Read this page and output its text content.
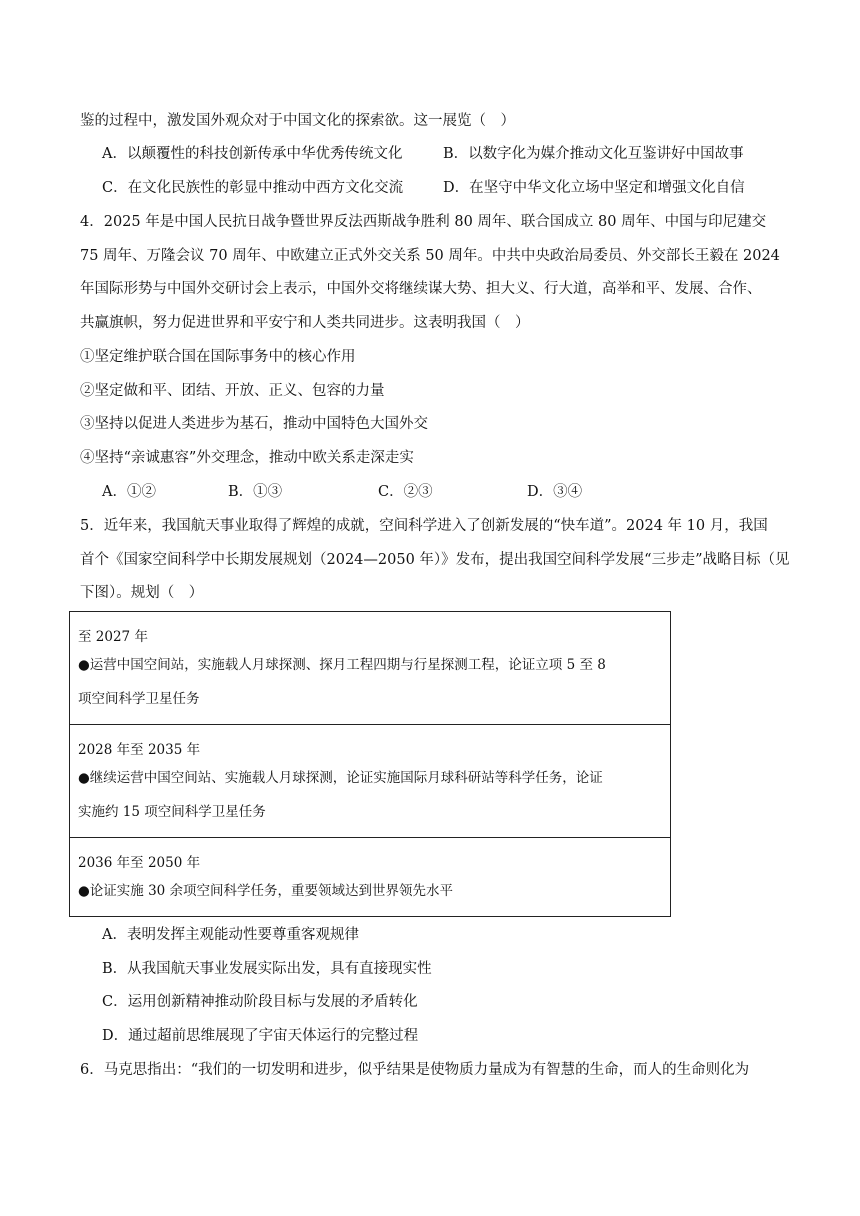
鉴的过程中，激发国外观众对于中国文化的探索欲。这一展览（　）
A．以颠覆性的科技创新传承中华优秀传统文化	B．以数字化为媒介推动文化互鉴讲好中国故事
C．在文化民族性的彰显中推动中西方文化交流	D．在坚守中华文化立场中坚定和增强文化自信
4．2025 年是中国人民抗日战争暨世界反法西斯战争胜利 80 周年、联合国成立 80 周年、中国与印尼建交
75 周年、万隆会议 70 周年、中欧建立正式外交关系 50 周年。中共中央政治局委员、外交部长王毅在 2024
年国际形势与中国外交研讨会上表示，中国外交将继续谋大势、担大义、行大道，高举和平、发展、合作、
共赢旗帜，努力促进世界和平安宁和人类共同进步。这表明我国（　）
①坚定维护联合国在国际事务中的核心作用
②坚定做和平、团结、开放、正义、包容的力量
③坚持以促进人类进步为基石，推动中国特色大国外交
④坚持“亲诚惠容”外交理念，推动中欧关系走深走实
A．①②	B．①③	C．②③	D．③④
5．近年来，我国航天事业取得了辉煌的成就，空间科学进入了创新发展的“快车道”。2024 年 10 月，我国
首个《国家空间科学中长期发展规划（2024—2050 年）》发布，提出我国空间科学发展“三步走”战略目标（见
下图）。规划（　）
至 2027 年
●运营中国空间站，实施载人月球探测、探月工程四期与行星探测工程，论证立项 5 至 8
项空间科学卫星任务

2028 年至 2035 年
●继续运营中国空间站、实施载人月球探测，论证实施国际月球科研站等科学任务，论证
实施约 15 项空间科学卫星任务

2036 年至 2050 年
●论证实施 30 余项空间科学任务，重要领域达到世界领先水平
A．表明发挥主观能动性要尊重客观规律
B．从我国航天事业发展实际出发，具有直接现实性
C．运用创新精神推动阶段目标与发展的矛盾转化
D．通过超前思维展现了宇宙天体运行的完整过程
6．马克思指出：“我们的一切发明和进步，似乎结果是使物质力量成为有智慧的生命，而人的生命则化为
